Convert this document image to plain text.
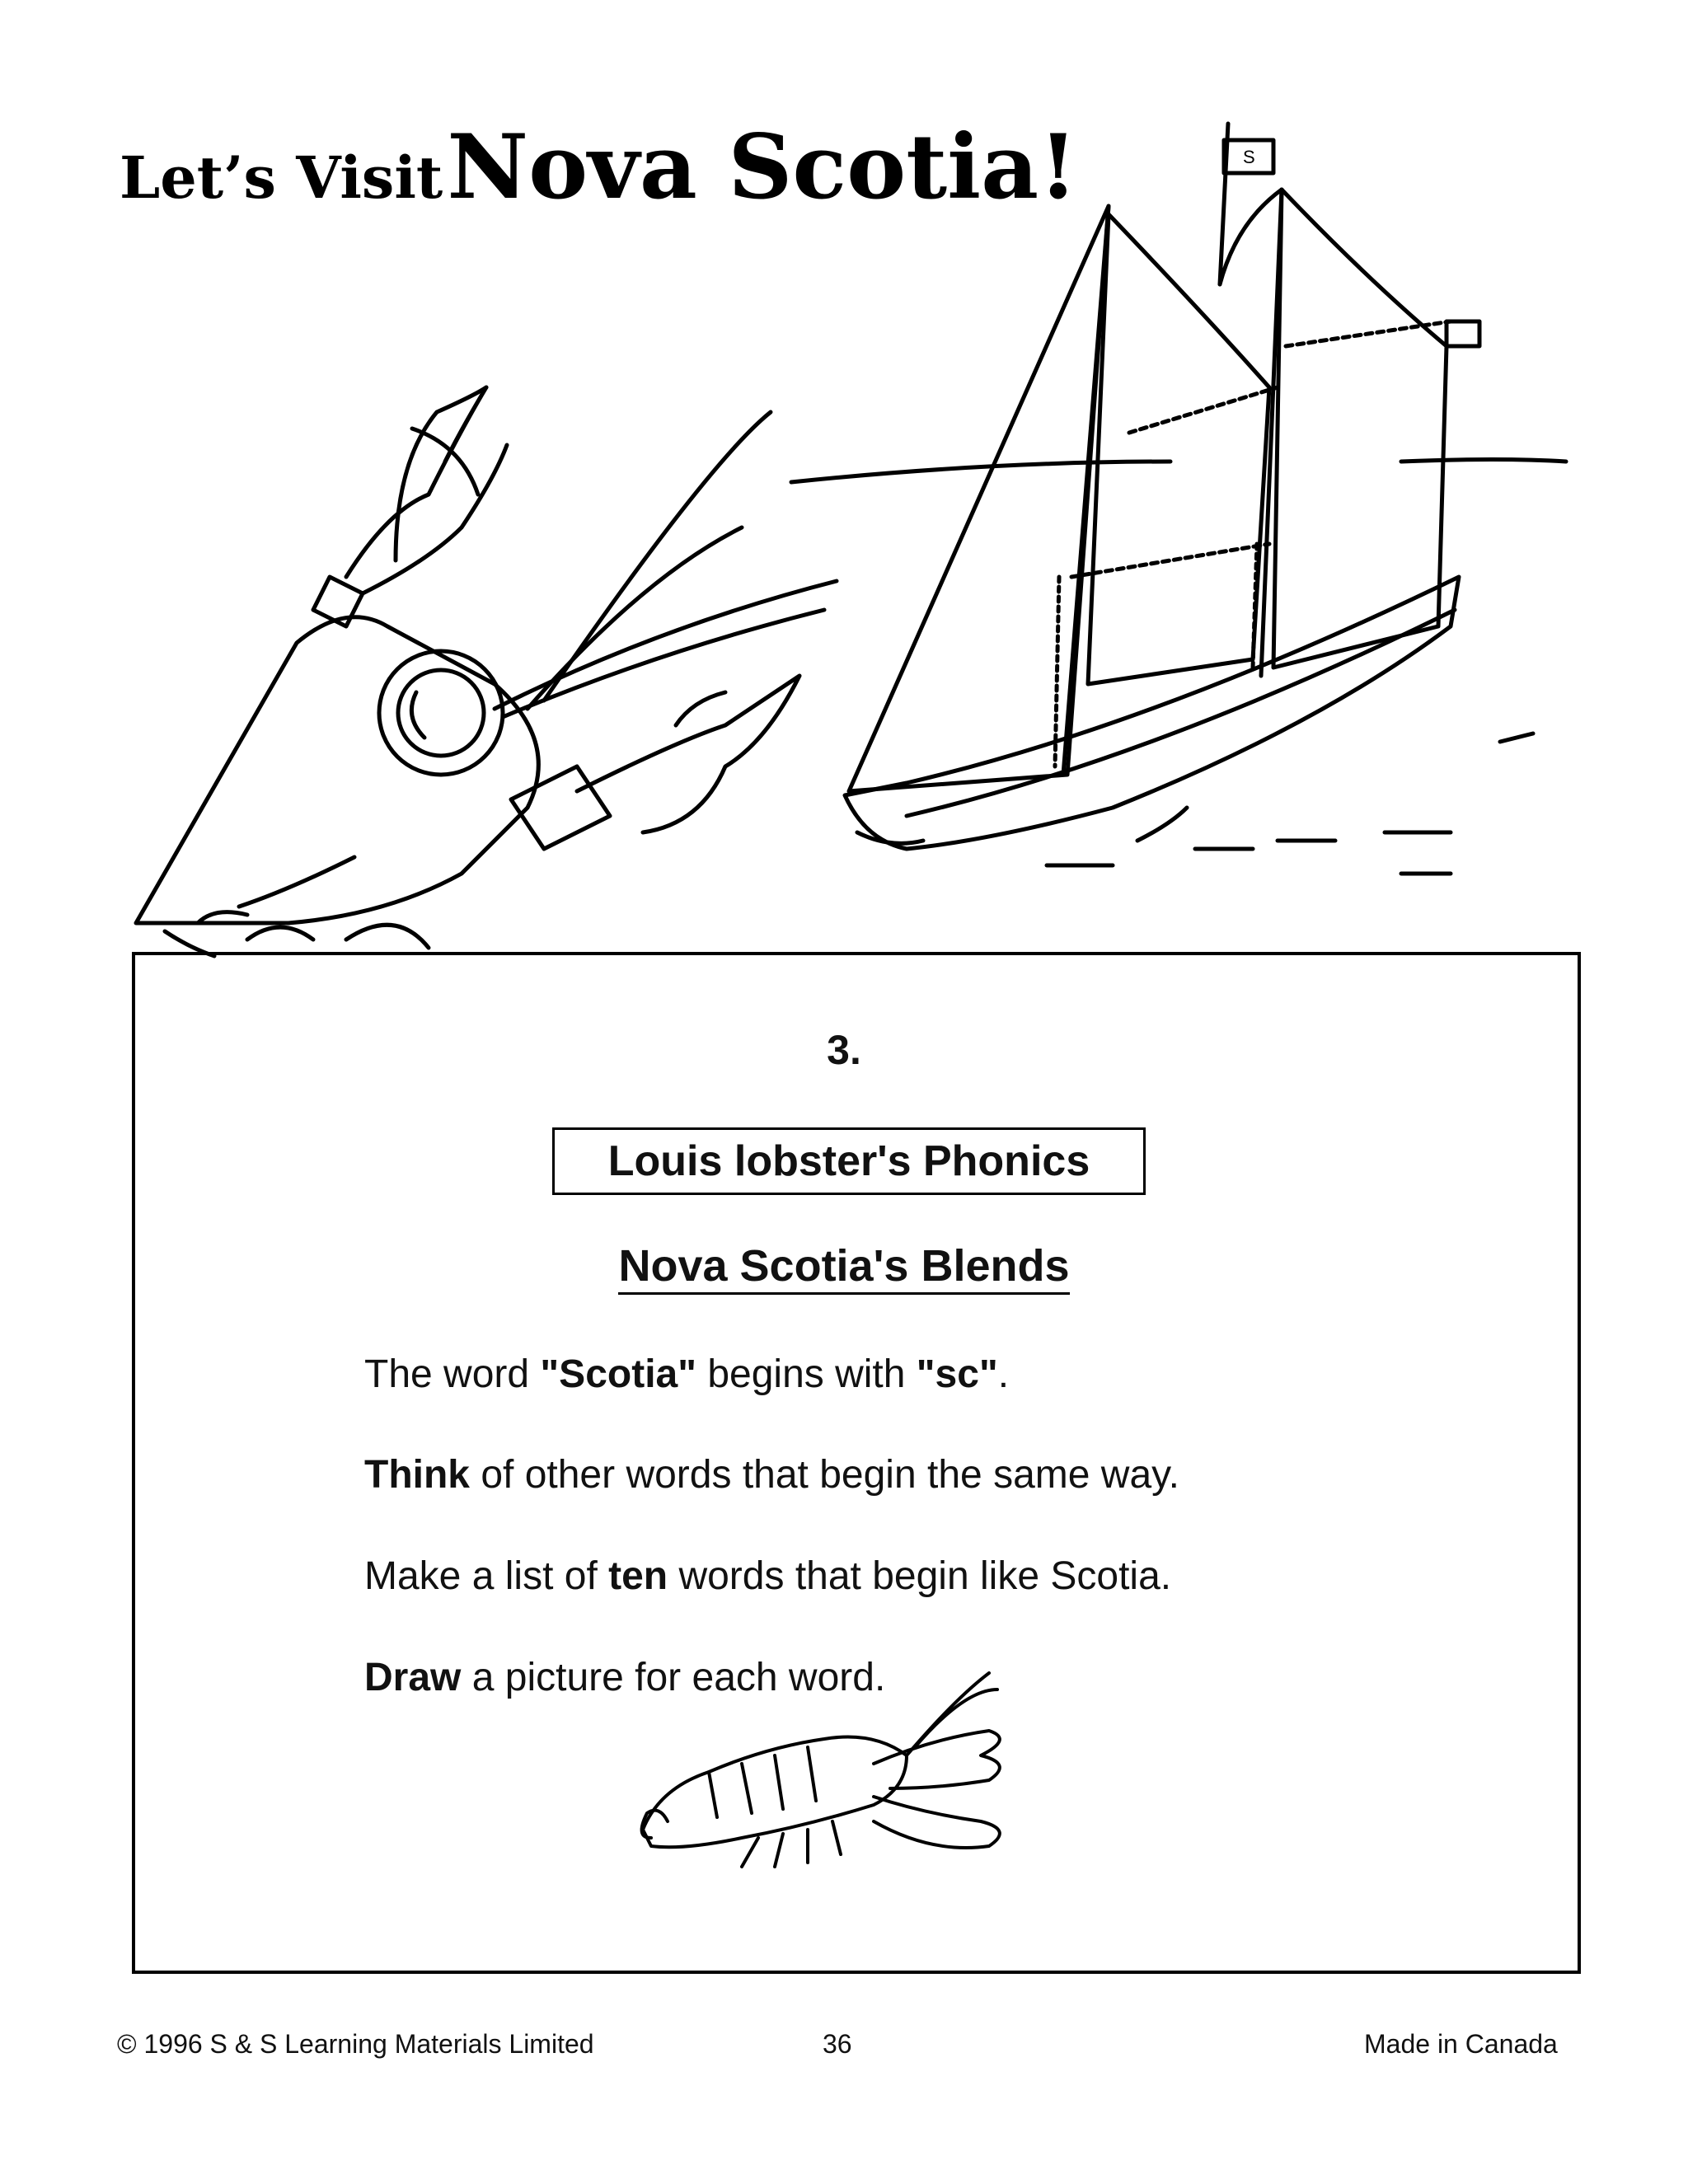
Let’s Visit Nova Scotia!	S
3.
Louis lobster's Phonics
Nova Scotia's Blends
The word "Scotia" begins with "sc".
Think of other words that begin the same way.
Make a list of ten words that begin like Scotia.
Draw a picture for each word.
© 1996 S & S Learning Materials Limited	36	Made in Canada
